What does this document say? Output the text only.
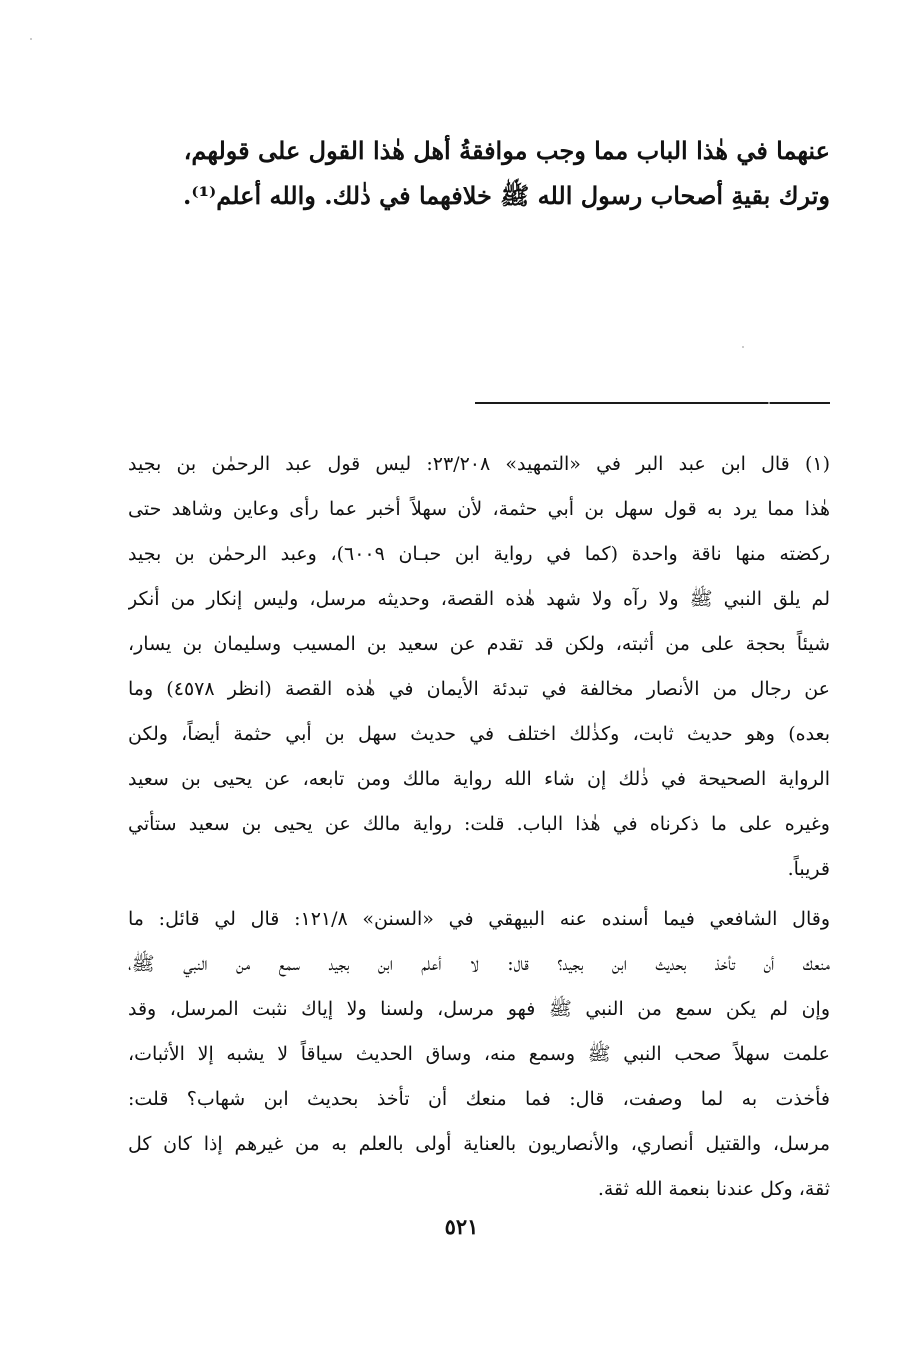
عنهما في هٰذا الباب مما وجب موافقةُ أهل هٰذا القول على قولهم،
وترك بقيةِ أصحاب رسول الله ﷺ خلافهما في ذٰلك. والله أعلم⁽¹⁾.
(١) قال ابن عبد البر في «التمهيد» ٢٣/٢٠٨: ليس قول عبد الرحمٰن بن بجيد
هٰذا مما يرد به قول سهل بن أبي حثمة، لأن سهلاً أخبر عما رأى وعاين وشاهد حتى
ركضته منها ناقة واحدة (كما في رواية ابن حبـان ٦٠٠٩)، وعبد الرحمٰن بن بجيد
لم يلق النبي ﷺ ولا رآه ولا شهد هٰذه القصة، وحديثه مرسل، وليس إنكار من أنكر
شيئاً بحجة على من أثبته، ولكن قد تقدم عن سعيد بن المسيب وسليمان بن يسار،
عن رجال من الأنصار مخالفة في تبدئة الأيمان في هٰذه القصة (انظر ٤٥٧٨) وما
بعده) وهو حديث ثابت، وكذٰلك اختلف في حديث سهل بن أبي حثمة أيضاً، ولكن
الرواية الصحيحة في ذٰلك إن شاء الله رواية مالك ومن تابعه، عن يحيى بن سعيد
وغيره على ما ذكرناه في هٰذا الباب. قلت: رواية مالك عن يحيى بن سعيد ستأتي
قريباً.
وقال الشافعي فيما أسنده عنه البيهقي في «السنن» ١٢١/٨: قال لي قائل: ما
منعك أن تأخذ بحديث ابن بجيد؟ قال: لا أعلم ابن بجيد سمع من النبي ﷺ،
وإن لم يكن سمع من النبي ﷺ فهو مرسل، ولسنا ولا إياك نثبت المرسل، وقد
علمت سهلاً صحب النبي ﷺ وسمع منه، وساق الحديث سياقاً لا يشبه إلا الأثبات،
فأخذت به لما وصفت، قال: فما منعك أن تأخذ بحديث ابن شهاب؟ قلت:
مرسل، والقتيل أنصاري، والأنصاريون بالعناية أولى بالعلم به من غيرهم إذا كان كل
ثقة، وكل عندنا بنعمة الله ثقة.
٥٢١
